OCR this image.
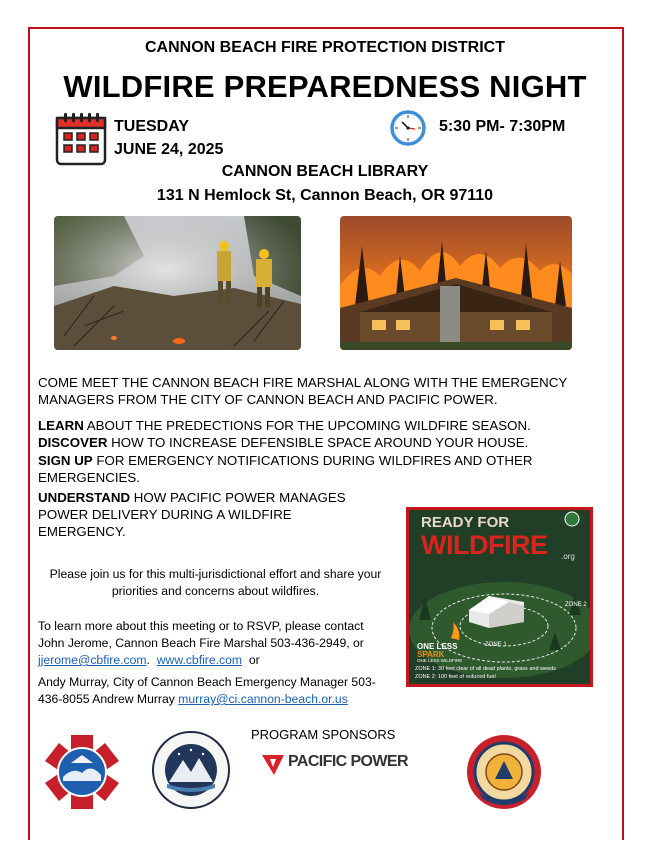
CANNON BEACH FIRE PROTECTION DISTRICT
WILDFIRE PREPAREDNESS NIGHT
TUESDAY
JUNE 24, 2025
5:30 PM- 7:30PM
CANNON BEACH LIBRARY
131 N Hemlock St, Cannon Beach, OR 97110
COME MEET THE CANNON BEACH FIRE MARSHAL ALONG WITH THE EMERGENCY MANAGERS FROM THE CITY OF CANNON BEACH AND PACIFIC POWER.
LEARN ABOUT THE PREDECTIONS FOR THE UPCOMING WILDFIRE SEASON.
DISCOVER HOW TO INCREASE DEFENSIBLE SPACE AROUND YOUR HOUSE.
SIGN UP FOR EMERGENCY NOTIFICATIONS DURING WILDFIRES AND OTHER EMERGENCIES.
UNDERSTAND HOW PACIFIC POWER MANAGES POWER DELIVERY DURING A WILDFIRE EMERGENCY.
Please join us for this multi-jurisdictional effort and share your priorities and concerns about wildfires.
To learn more about this meeting or to RSVP, please contact John Jerome, Cannon Beach Fire Marshal 503-436-2949, or
jjerome@cbfire.com. www.cbfire.com or
Andy Murray, City of Cannon Beach Emergency Manager 503-436-8055 Andrew Murray murray@ci.cannon-beach.or.us
READY FOR
WILDFIRE .org
ZONE 2
ZONE 1
ONE LESS
SPARK
ONE LESS WILDFIRE
ZONE 1: 30 feet clear of all dead plants, grass and weeds
ZONE 2: 100 feet of reduced fuel
PROGRAM SPONSORS
PACIFIC POWER
